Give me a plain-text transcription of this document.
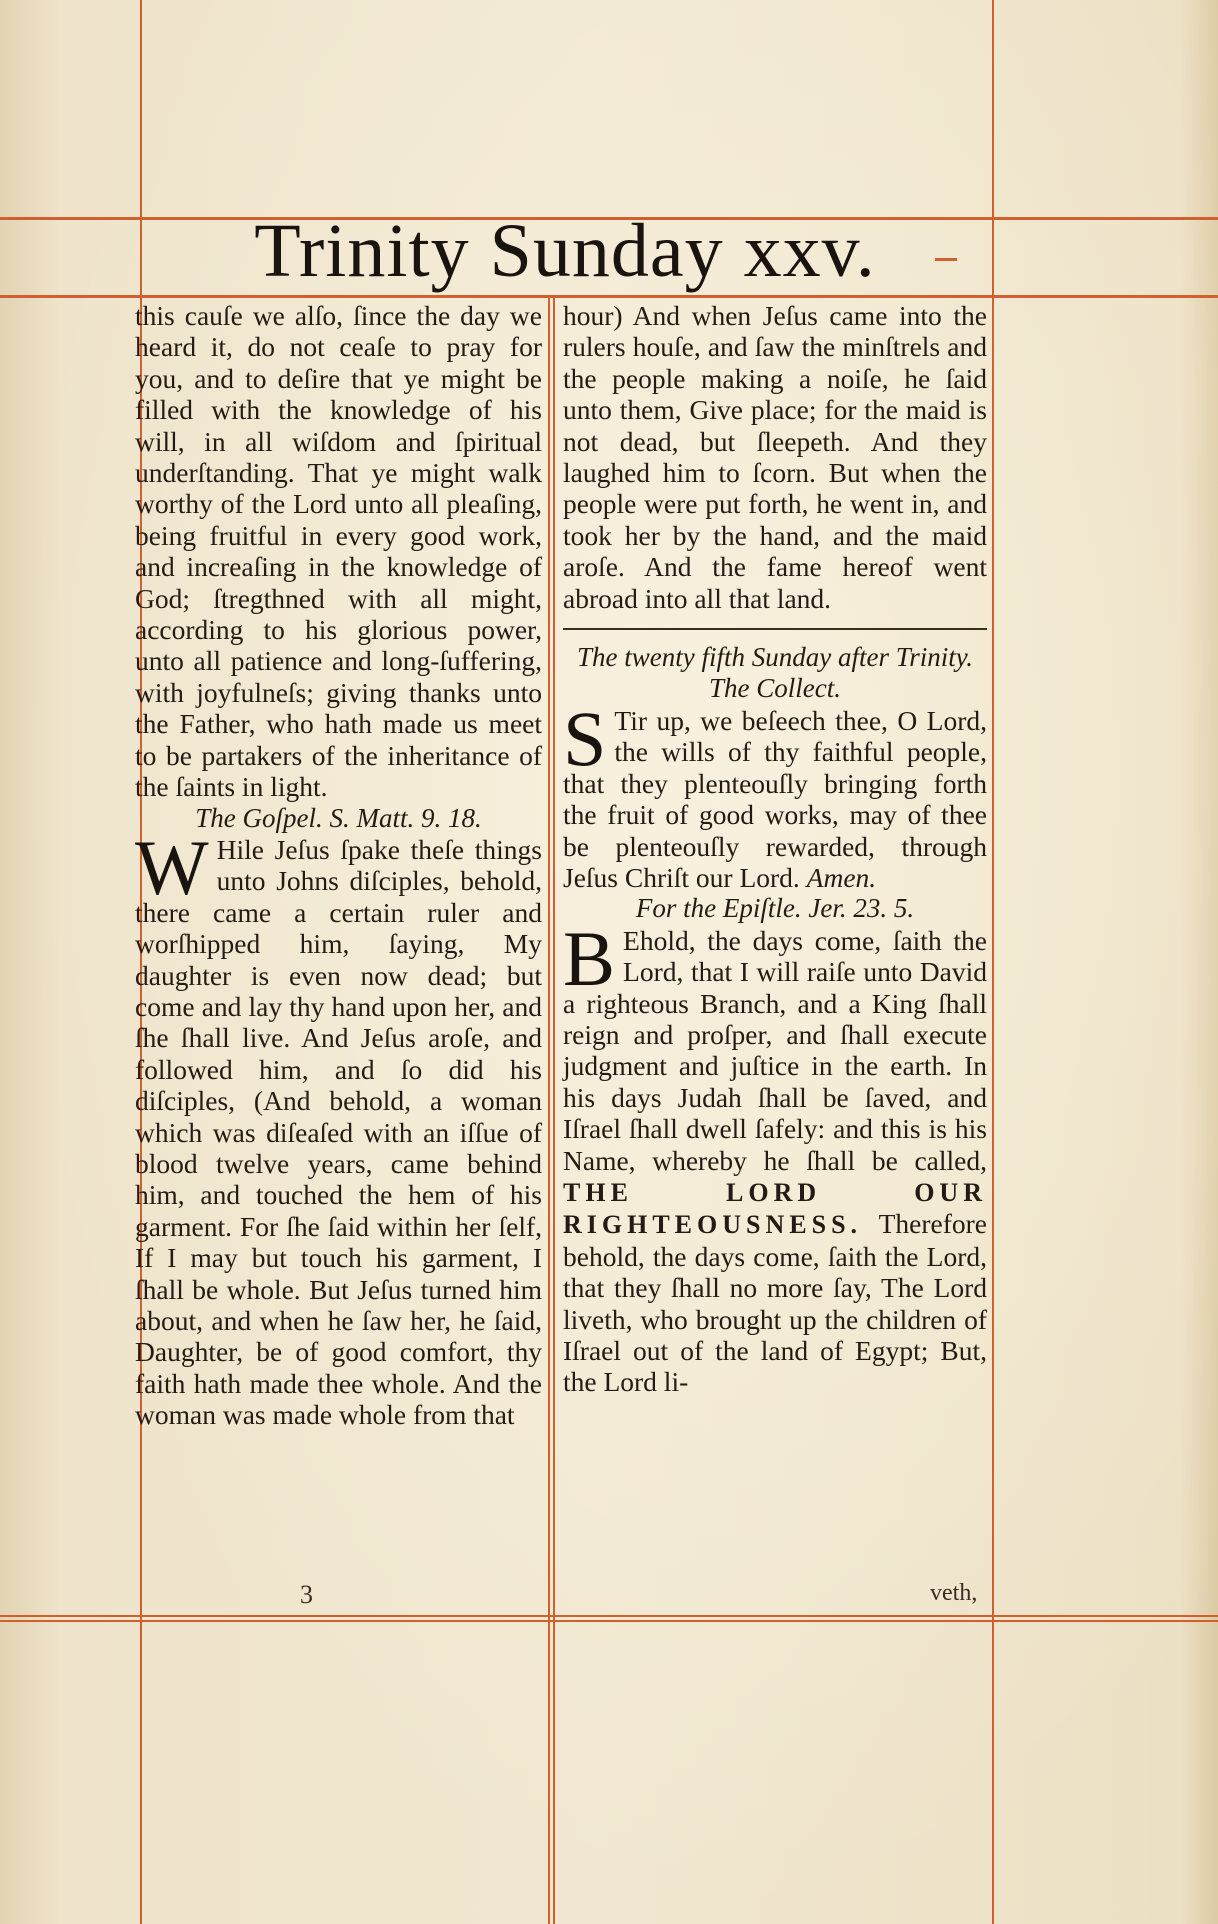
Trinity Sunday xxv.

this cauſe we alſo, ſince the day we heard it, do not ceaſe to pray for you, and to deſire that ye might be filled with the knowledge of his will, in all wiſdom and ſpiritual underſtanding. That ye might walk worthy of the Lord unto all pleaſing, being fruitful in every good work, and increaſing in the knowledge of God; ſtregthned with all might, according to his glorious power, unto all patience and long-ſuffering, with joyfulneſs; giving thanks unto the Father, who hath made us meet to be partakers of the inheritance of the ſaints in light.

The Goſpel. S. Matt. 9. 18.

W Hile Jeſus ſpake theſe things unto Johns diſciples, behold, there came a certain ruler and worſhipped him, ſaying, My daughter is even now dead; but come and lay thy hand upon her, and ſhe ſhall live. And Jeſus aroſe, and followed him, and ſo did his diſciples, (And behold, a woman which was diſeaſed with an iſſue of blood twelve years, came behind him, and touched the hem of his garment. For ſhe ſaid within her ſelf, If I may but touch his garment, I ſhall be whole. But Jeſus turned him about, and when he ſaw her, he ſaid, Daughter, be of good comfort, thy faith hath made thee whole. And the woman was made whole from that

hour) And when Jeſus came into the rulers houſe, and ſaw the minſtrels and the people making a noiſe, he ſaid unto them, Give place; for the maid is not dead, but ſleepeth. And they laughed him to ſcorn. But when the people were put forth, he went in, and took her by the hand, and the maid aroſe. And the fame hereof went abroad into all that land.

The twenty fifth Sunday after Trinity.
The Collect.

S Tir up, we beſeech thee, O Lord, the wills of thy faithful people, that they plenteouſly bringing forth the fruit of good works, may of thee be plenteouſly rewarded, through Jeſus Chriſt our Lord. Amen.

For the Epiſtle. Jer. 23. 5.

B Ehold, the days come, ſaith the Lord, that I will raiſe unto David a righteous Branch, and a King ſhall reign and proſper, and ſhall execute judgment and juſtice in the earth. In his days Judah ſhall be ſaved, and Iſrael ſhall dwell ſafely: and this is his Name, whereby he ſhall be called, THE LORD OUR RIGHTEOUSNESS. Therefore behold, the days come, ſaith the Lord, that they ſhall no more ſay, The Lord liveth, who brought up the children of Iſrael out of the land of Egypt; But, the Lord li-

3	veth,
